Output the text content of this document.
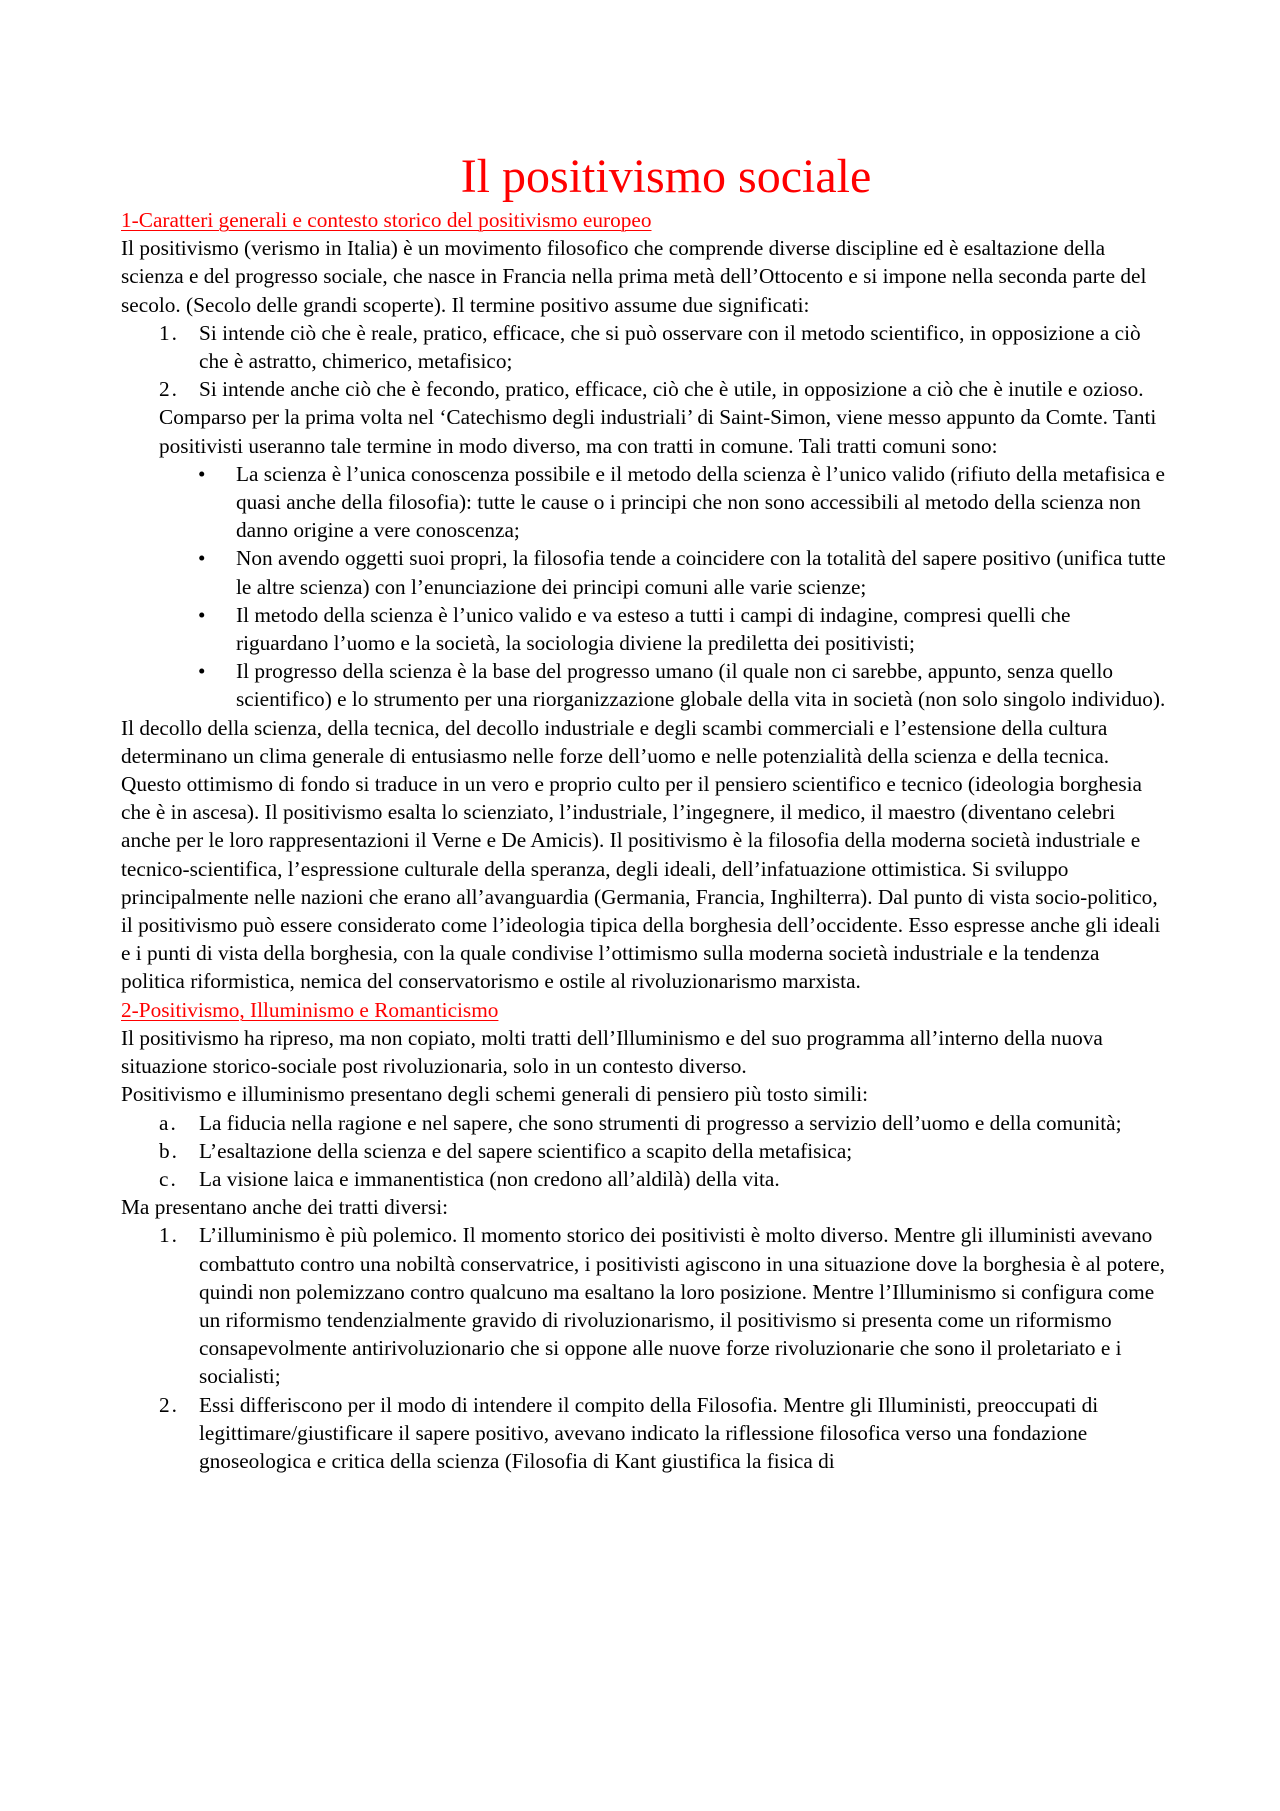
Il positivismo sociale
1-Caratteri generali e contesto storico del positivismo europeo

Il positivismo (verismo in Italia) è un movimento filosofico che comprende diverse discipline ed è esaltazione della scienza e del progresso sociale, che nasce in Francia nella prima metà dell’Ottocento e si impone nella seconda parte del secolo. (Secolo delle grandi scoperte). Il termine positivo assume due significati:

1. Si intende ciò che è reale, pratico, efficace, che si può osservare con il metodo scientifico, in opposizione a ciò che è astratto, chimerico, metafisico;
2. Si intende anche ciò che è fecondo, pratico, efficace, ciò che è utile, in opposizione a ciò che è inutile e ozioso.

Comparso per la prima volta nel ‘Catechismo degli industriali’ di Saint-Simon, viene messo appunto da Comte. Tanti positivisti useranno tale termine in modo diverso, ma con tratti in comune. Tali tratti comuni sono:

• La scienza è l’unica conoscenza possibile e il metodo della scienza è l’unico valido (rifiuto della metafisica e quasi anche della filosofia): tutte le cause o i principi che non sono accessibili al metodo della scienza non danno origine a vere conoscenza;
• Non avendo oggetti suoi propri, la filosofia tende a coincidere con la totalità del sapere positivo (unifica tutte le altre scienza) con l’enunciazione dei principi comuni alle varie scienze;
• Il metodo della scienza è l’unico valido e va esteso a tutti i campi di indagine, compresi quelli che riguardano l’uomo e la società, la sociologia diviene la prediletta dei positivisti;
• Il progresso della scienza è la base del progresso umano (il quale non ci sarebbe, appunto, senza quello scientifico) e lo strumento per una riorganizzazione globale della vita in società (non solo singolo individuo).

Il decollo della scienza, della tecnica, del decollo industriale e degli scambi commerciali e l’estensione della cultura determinano un clima generale di entusiasmo nelle forze dell’uomo e nelle potenzialità della scienza e della tecnica. Questo ottimismo di fondo si traduce in un vero e proprio culto per il pensiero scientifico e tecnico (ideologia borghesia che è in ascesa). Il positivismo esalta lo scienziato, l’industriale, l’ingegnere, il medico, il maestro (diventano celebri anche per le loro rappresentazioni il Verne e De Amicis). Il positivismo è la filosofia della moderna società industriale e tecnico-scientifica, l’espressione culturale della speranza, degli ideali, dell’infatuazione ottimistica. Si sviluppo principalmente nelle nazioni che erano all’avanguardia (Germania, Francia, Inghilterra). Dal punto di vista socio-politico, il positivismo può essere considerato come l’ideologia tipica della borghesia dell’occidente. Esso espresse anche gli ideali e i punti di vista della borghesia, con la quale condivise l’ottimismo sulla moderna società industriale e la tendenza politica riformistica, nemica del conservatorismo e ostile al rivoluzionarismo marxista.

2-Positivismo, Illuminismo e Romanticismo

Il positivismo ha ripreso, ma non copiato, molti tratti dell’Illuminismo e del suo programma all’interno della nuova situazione storico-sociale post rivoluzionaria, solo in un contesto diverso.

Positivismo e illuminismo presentano degli schemi generali di pensiero più tosto simili:

a. La fiducia nella ragione e nel sapere, che sono strumenti di progresso a servizio dell’uomo e della comunità;
b. L’esaltazione della scienza e del sapere scientifico a scapito della metafisica;
c. La visione laica e immanentistica (non credono all’aldilà) della vita.

Ma presentano anche dei tratti diversi:

1. L’illuminismo è più polemico. Il momento storico dei positivisti è molto diverso. Mentre gli illuministi avevano combattuto contro una nobiltà conservatrice, i positivisti agiscono in una situazione dove la borghesia è al potere, quindi non polemizzano contro qualcuno ma esaltano la loro posizione. Mentre l’Illuminismo si configura come un riformismo tendenzialmente gravido di rivoluzionarismo, il positivismo si presenta come un riformismo consapevolmente antirivoluzionario che si oppone alle nuove forze rivoluzionarie che sono il proletariato e i socialisti;
2. Essi differiscono per il modo di intendere il compito della Filosofia. Mentre gli Illuministi, preoccupati di legittimare/giustificare il sapere positivo, avevano indicato la riflessione filosofica verso una fondazione gnoseologica e critica della scienza (Filosofia di Kant giustifica la fisica di
